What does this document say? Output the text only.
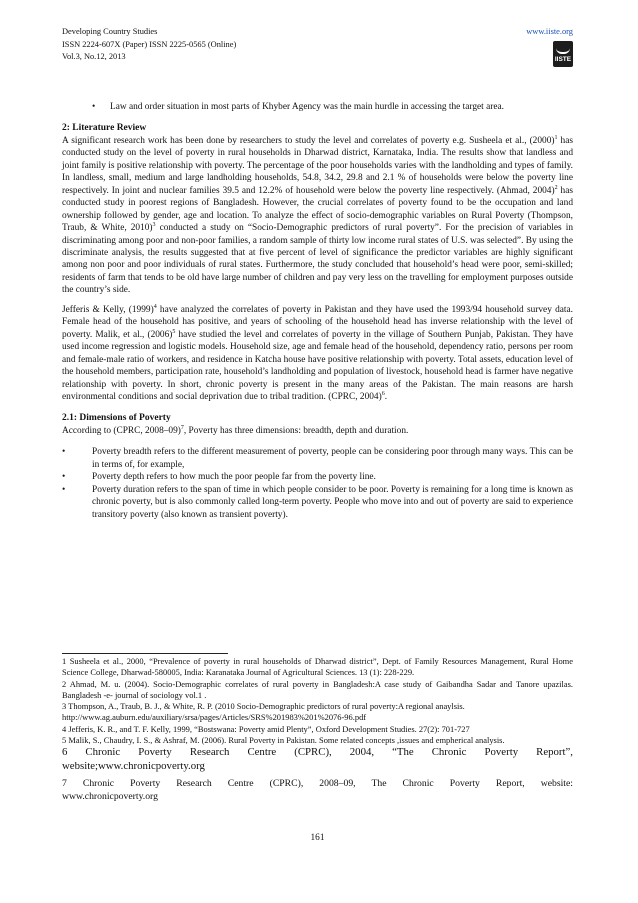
Developing Country Studies
ISSN 2224-607X (Paper) ISSN 2225-0565 (Online)
Vol.3, No.12, 2013
www.iiste.org
IISTE
• Law and order situation in most parts of Khyber Agency was the main hurdle in accessing the target area.
2: Literature Review

A significant research work has been done by researchers to study the level and correlates of poverty e.g. Susheela et al., $(2000)^1$ has conducted study on the level of poverty in rural households in Dharwad district, Karnataka, India. The results show that landless and joint family is positive relationship with poverty. The percentage of the poor households varies with the landholding and types of family. In landless, small, medium and large landholding households, 54.8, 34.2, 29.8 and 2.1 % of households were below the poverty line respectively. In joint and nuclear families 39.5 and 12.2% of household were below the poverty line respectively. (Ahmad, 2004)$^2$ has conducted study in poorest regions of Bangladesh. However, the crucial correlates of poverty found to be the occupation and land ownership followed by gender, age and location. To analyze the effect of socio-demographic variables on Rural Poverty (Thompson, Traub, & White, 2010)$^3$ conducted a study on “Socio-Demographic predictors of rural poverty”. For the precision of variables in discriminating among poor and non-poor families, a random sample of thirty low income rural states of U.S. was selected”. By using the discriminate analysis, the results suggested that at five percent of level of significance the predictor variables are highly significant among non poor and poor individuals of rural states. Furthermore, the study concluded that household’s head were poor, semi-skilled; residents of farm that tends to be old have large number of children and pay very less on the travelling for employment purposes outside the country’s side.

Jefferis & Kelly, $(1999)^4$ have analyzed the correlates of poverty in Pakistan and they have used the 1993/94 household survey data. Female head of the household has positive, and years of schooling of the household head has inverse relationship with the level of poverty. Malik, et al., $(2006)^5$ have studied the level and correlates of poverty in the village of Southern Punjab, Pakistan. They have used income regression and logistic models. Household size, age and female head of the household, dependency ratio, persons per room and female-male ratio of workers, and residence in Katcha house have positive relationship with poverty. Total assets, education level of the household members, participation rate, household’s landholding and population of livestock, household head is farmer have negative relationship with poverty. In short, chronic poverty is present in the many areas of the Pakistan. The main reasons are harsh environmental conditions and social deprivation due to tribal tradition. (CPRC, 2004)$^6$.

2.1: Dimensions of Poverty

According to (CPRC, 2008–09)$^7$, Poverty has three dimensions: breadth, depth and duration.

•	Poverty breadth refers to the different measurement of poverty, people can be considering poor through many ways. This can be in terms of, for example,
•	Poverty depth refers to how much the poor people far from the poverty line.
•	Poverty duration refers to the span of time in which people consider to be poor. Poverty is remaining for a long time is known as chronic poverty, but is also commonly called long-term poverty. People who move into and out of poverty are said to experience transitory poverty (also known as transient poverty).

1 Susheela et al., 2000, “Prevalence of poverty in rural households of Dharwad district”, Dept. of Family Resources Management, Rural Home Science College, Dharwad-580005, India: Karanataka Journal of Agricultural Sciences. 13 (1): 228-229.

2 Ahmad, M. u. (2004). Socio-Demographic correlates of rural poverty in Bangladesh:A case study of Gaibandha Sadar and Tanore upazilas. Bangladesh -e- journal of sociology vol.1 .

3 Thompson, A., Traub, B. J., & White, R. P. (2010 Socio-Demographic predictors of rural poverty:A regional anaylsis.

http://www.ag.auburn.edu/auxiliary/srsa/pages/Articles/SRS%201983%201%2076-96.pdf

4 Jefferis, K. R., and T. F. Kelly, 1999, “Bostswana: Poverty amid Plenty”, Oxford Development Studies. 27(2): 701-727

5 Malik, S., Chaudry, I. S., & Ashraf, M. (2006). Rural Poverty in Pakistan. Some related concepts ,issues and empherical analysis.

6 Chronic Poverty Research Centre (CPRC), 2004, “The Chronic Poverty Report”,

website;www.chronicpoverty.org

7 Chronic Poverty Research Centre (CPRC), 2008–09, The Chronic Poverty Report, website:

www.chronicpoverty.org

161
